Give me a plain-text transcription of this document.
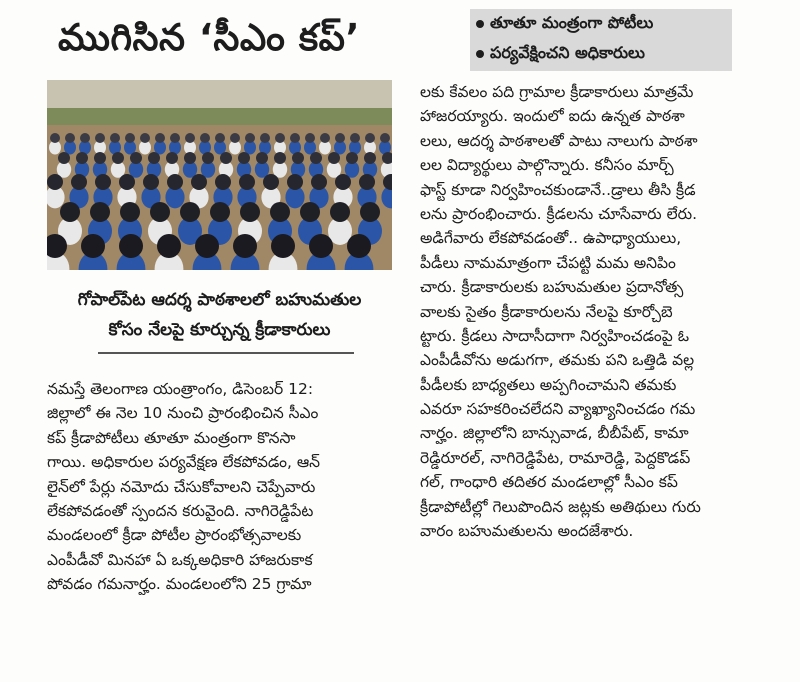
ముగిసిన ‘సీఎం కప్’	తూతూ మంత్రంగా పోటీలు
పర్యవేక్షించని అధికారులు
గోపాల్‌పేట ఆదర్శ పాఠశాలలో బహుమతుల
కోసం నేలపై కూర్చున్న క్రీడాకారులు
నమస్తే తెలంగాణ యంత్రాంగం, డిసెంబర్ 12:
జిల్లాలో ఈ నెల 10 నుంచి ప్రారంభించిన సీఎం
కప్ క్రీడాపోటీలు తూతూ మంత్రంగా కొనసా
గాయి. అధికారుల పర్యవేక్షణ లేకపోవడం, ఆన్
లైన్‌లో పేర్లు నమోదు చేసుకోవాలని చెప్పేవారు
లేకపోవడంతో స్పందన కరువైంది. నాగిరెడ్డిపేట
మండలంలో క్రీడా పోటీల ప్రారంభోత్సవాలకు
ఎంపీడీవో మినహా ఏ ఒక్కఅధికారి హాజరుకాక
పోవడం గమనార్హం. మండలంలోని 25 గ్రామా
లకు కేవలం పది గ్రామాల క్రీడాకారులు మాత్రమే
హాజరయ్యారు. ఇందులో ఐదు ఉన్నత పాఠశా
లలు, ఆదర్శ పాఠశాలతో పాటు నాలుగు పాఠశా
లల విద్యార్థులు పాల్గొన్నారు. కనీసం మార్చ్
ఫాస్ట్ కూడా నిర్వహించకుండానే..డ్రాలు తీసి క్రీడ
లను ప్రారంభించారు. క్రీడలను చూసేవారు లేరు.
అడిగేవారు లేకపోవడంతో.. ఉపాధ్యాయులు,
పీడీలు నామమాత్రంగా చేపట్టి మమ అనిపిం
చారు. క్రీడాకారులకు బహుమతుల ప్రదానోత్స
వాలకు సైతం క్రీడాకారులను నేలపై కూర్చోబె
ట్టారు. క్రీడలు సాదాసీదాగా నిర్వహించడంపై ఓ
ఎంపీడీవోను అడుగగా, తమకు పని ఒత్తిడి వల్ల
పీడీలకు బాధ్యతలు అప్పగించామని తమకు
ఎవరూ సహకరించలేదని వ్యాఖ్యానించడం గమ
నార్హం. జిల్లాలోని బాన్సువాడ, బీబీపేట్, కామా
రెడ్డిరూరల్, నాగిరెడ్డిపేట, రామారెడ్డి, పెద్దకొడప్
గల్, గాంధారి తదితర మండలాల్లో సీఎం కప్
క్రీడాపోటీల్లో గెలుపొందిన జట్లకు అతిథులు గురు
వారం బహుమతులను అందజేశారు.
